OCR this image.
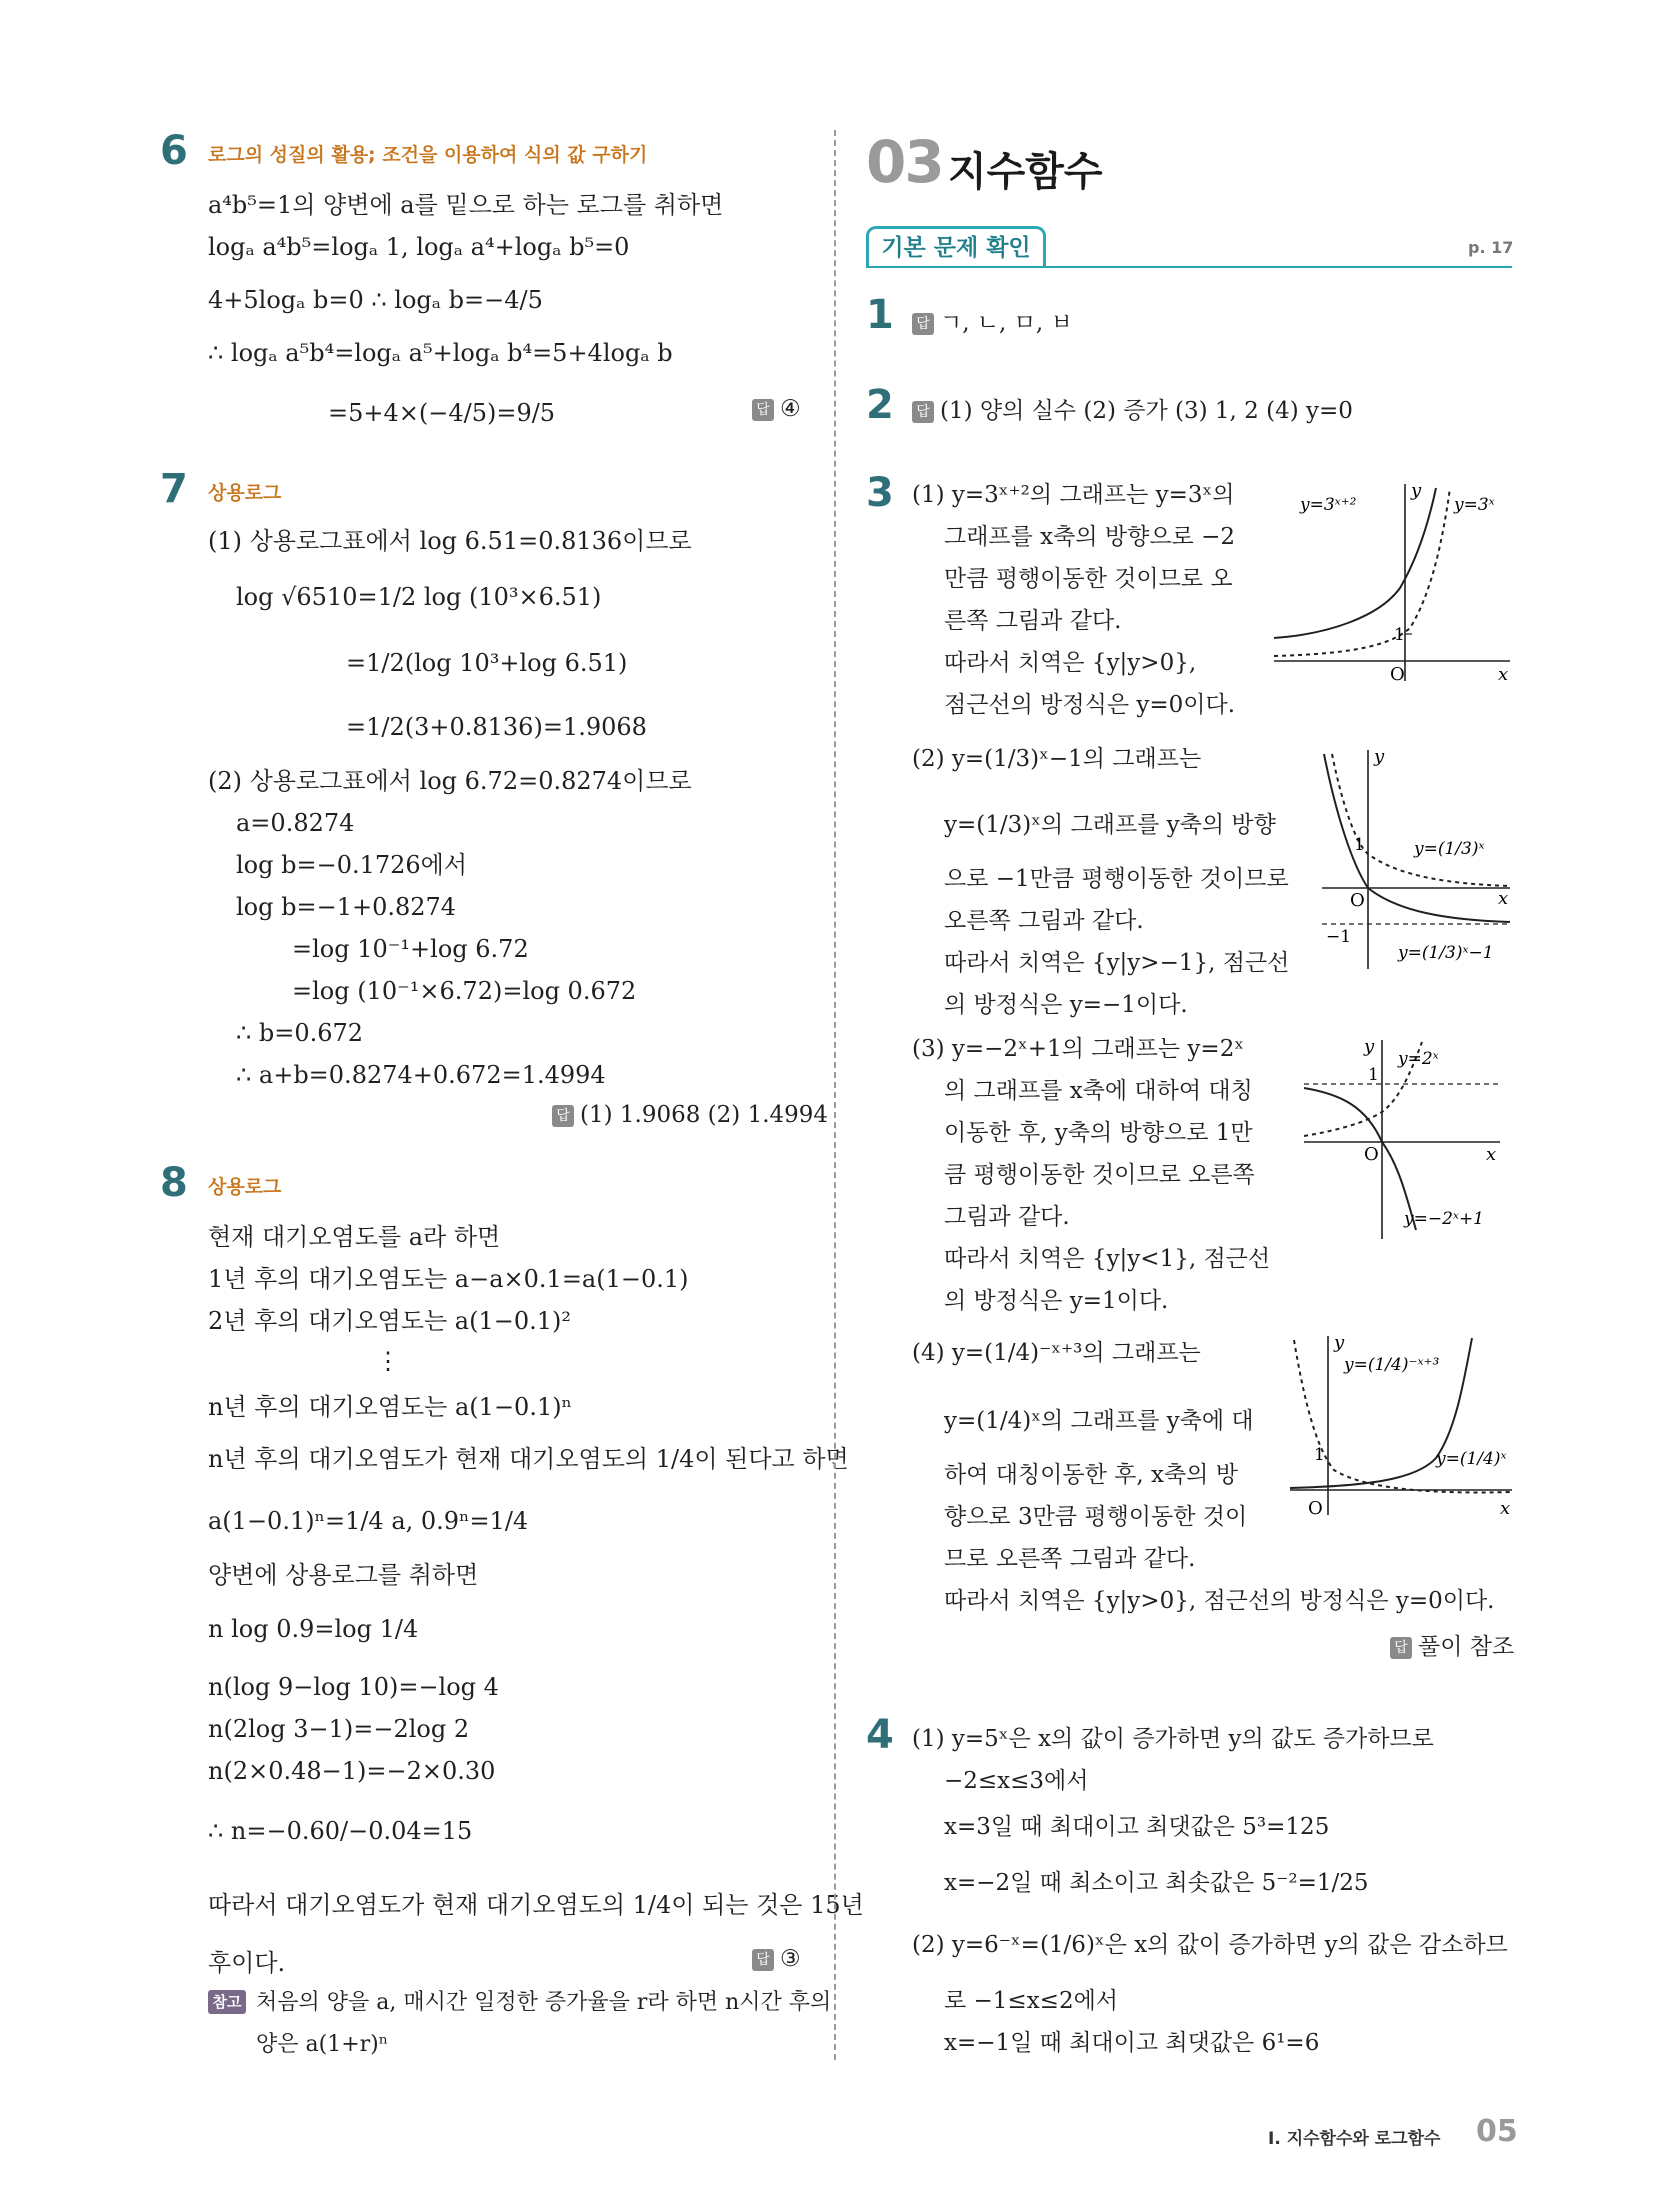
6 로그의 성질의 활용; 조건을 이용하여 식의 값 구하기
a⁴b⁵=1의 양변에 a를 밑으로 하는 로그를 취하면
logₐ a⁴b⁵=logₐ 1, logₐ a⁴+logₐ b⁵=0
4+5logₐ b=0 ∴ logₐ b=−4/5
∴ logₐ a⁵b⁴=logₐ a⁵+logₐ b⁴=5+4logₐ b
=5+4×(−4/5)=9/5	답 ④
7 상용로그
(1) 상용로그표에서 log 6.51=0.8136이므로
log √6510=1/2 log (10³×6.51)
=1/2(log 10³+log 6.51)
=1/2(3+0.8136)=1.9068
(2) 상용로그표에서 log 6.72=0.8274이므로
a=0.8274
log b=−0.1726에서
log b=−1+0.8274
=log 10⁻¹+log 6.72
=log (10⁻¹×6.72)=log 0.672
∴ b=0.672
∴ a+b=0.8274+0.672=1.4994
답 (1) 1.9068 (2) 1.4994
8 상용로그
현재 대기오염도를 a라 하면
1년 후의 대기오염도는 a−a×0.1=a(1−0.1)
2년 후의 대기오염도는 a(1−0.1)²
⋮
n년 후의 대기오염도는 a(1−0.1)ⁿ
n년 후의 대기오염도가 현재 대기오염도의 1/4이 된다고 하면
a(1−0.1)ⁿ=1/4 a, 0.9ⁿ=1/4
양변에 상용로그를 취하면
n log 0.9=log 1/4
n(log 9−log 10)=−log 4
n(2log 3−1)=−2log 2
n(2×0.48−1)=−2×0.30
∴ n=−0.60/−0.04=15
따라서 대기오염도가 현재 대기오염도의 1/4이 되는 것은 15년
후이다.	답 ③
참고 처음의 양을 a, 매시간 일정한 증가율을 r라 하면 n시간 후의
양은 a(1+r)ⁿ
03 지수함수
기본 문제 확인	p. 17
1	답 ㄱ, ㄴ, ㅁ, ㅂ
2	답 (1) 양의 실수 (2) 증가 (3) 1, 2 (4) y=0
3 (1) y=3ˣ⁺²의 그래프는 y=3ˣ의
그래프를 x축의 방향으로 −2
만큼 평행이동한 것이므로 오
른쪽 그림과 같다.
따라서 치역은 {y|y>0},
점근선의 방정식은 y=0이다.
(2) y=(1/3)ˣ−1의 그래프는
y=(1/3)ˣ의 그래프를 y축의 방향
으로 −1만큼 평행이동한 것이므로
오른쪽 그림과 같다.
따라서 치역은 {y|y>−1}, 점근선
의 방정식은 y=−1이다.
(3) y=−2ˣ+1의 그래프는 y=2ˣ
의 그래프를 x축에 대하여 대칭
이동한 후, y축의 방향으로 1만
큼 평행이동한 것이므로 오른쪽
그림과 같다.
따라서 치역은 {y|y<1}, 점근선
의 방정식은 y=1이다.
(4) y=(1/4)⁻ˣ⁺³의 그래프는
y=(1/4)ˣ의 그래프를 y축에 대
하여 대칭이동한 후, x축의 방
향으로 3만큼 평행이동한 것이
므로 오른쪽 그림과 같다.
따라서 치역은 {y|y>0}, 점근선의 방정식은 y=0이다.
답 풀이 참조
1
O	x
y
y=3ˣ⁺²	y=3ˣ
1
O
−1
x
y
y=(1/3)ˣ
y=(1/3)ˣ−1
1
O	x
y
y=2ˣ
y=−2ˣ+1
1
O	x
y
y=(1/4)⁻ˣ⁺³
y=(1/4)ˣ
4 (1) y=5ˣ은 x의 값이 증가하면 y의 값도 증가하므로
−2≤x≤3에서
x=3일 때 최대이고 최댓값은 5³=125
x=−2일 때 최소이고 최솟값은 5⁻²=1/25
(2) y=6⁻ˣ=(1/6)ˣ은 x의 값이 증가하면 y의 값은 감소하므
로 −1≤x≤2에서
x=−1일 때 최대이고 최댓값은 6¹=6
Ⅰ. 지수함수와 로그함수 05
